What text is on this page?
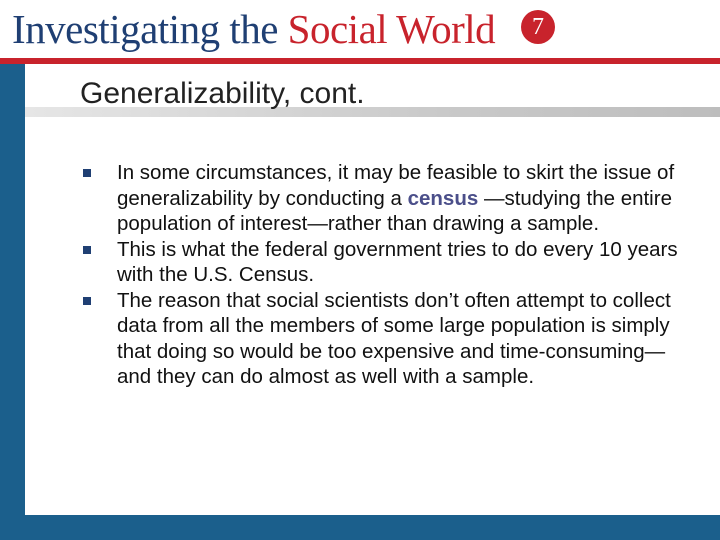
Investigating the Social World	7
Generalizability, cont.
In some circumstances, it may be feasible to skirt the issue of generalizability by conducting a census —studying the entire population of interest—rather than drawing a sample.
This is what the federal government tries to do every 10 years with the U.S. Census.
The reason that social scientists don’t often attempt to collect data from all the members of some large population is simply that doing so would be too expensive and time-consuming—and they can do almost as well with a sample.
